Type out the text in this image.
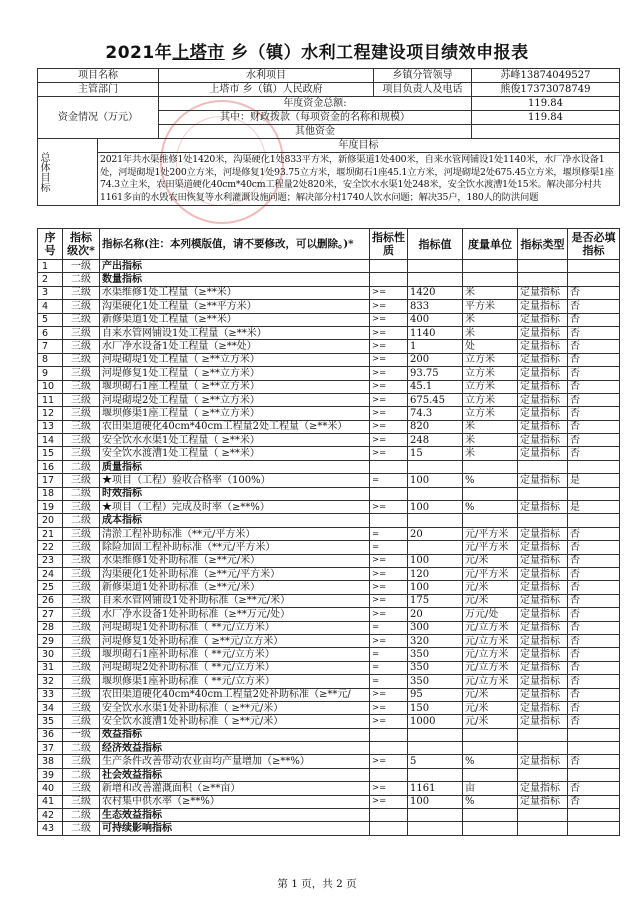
2021年上塔市 乡（镇）水利工程建设项目绩效申报表
项目名称		水利项目	乡镇分管领导	苏峰13874049527
主管部门		上塔市 乡（镇）人民政府	项目负责人及电话	熊俊17373078749
资金情况（万元）		年度资金总额:		119.84
		其中：财政拨款（每项资金的名称和规模）		119.84
		其他资金		

总体目标	年度目标
2021年共水渠维修1处1420米，沟渠硬化1处833平方米，新修渠道1处400米，自来水管网铺设1处1140米，水厂净水设备1处，河堤砌堤1处200立方米，河堤修复1处93.75立方米，堰坝砌石1座45.1立方米，河堤砌堤2处675.45立方米，堰坝修渠1座74.3立主米，农田渠道硬化40cm*40cm工程量2处820米，安全饮水水渠1处248米，安全饮水渡漕1处15米。解决部分村共1161多亩的水毁农田恢复等水利灌溉设施问题；解决部分村1740人饮水问题；解决35户，180人的防洪问题			
序号	指标级次*	指标名称(注：本列模版值，请不要修改，可以删除。)*	指标性质	指标值	度量单位	指标类型	是否必填指标
1	一级	产出指标					
2	二级	数量指标					
3	三级	水渠维修1处工程量（≥**米）	>=	1420	米	定量指标	否
4	三级	沟渠硬化1处工程量（≥**平方米）	>=	833	平方米	定量指标	否
5	三级	新修渠道1处工程量（≥**米）	>=	400	米	定量指标	否
6	三级	自来水管网铺设1处工程量（≥**米）	>=	1140	米	定量指标	否
7	三级	水厂净水设备1处工程量（≥**处）	>=	1	处	定量指标	否
8	三级	河堤砌堤1处工程量（ ≥**立方米）	>=	200	立方米	定量指标	否
9	三级	河堤修复1处工程量（ ≥**立方米）	>=	93.75	立方米	定量指标	否
10	三级	堰坝砌石1座工程量（ ≥**立方米）	>=	45.1	立方米	定量指标	否
11	三级	河堤砌堤2处工程量（ ≥**立方米）	>=	675.45	立方米	定量指标	否
12	三级	堰坝修渠1座工程量（ ≥**立方米）	>=	74.3	立方米	定量指标	否
13	三级	农田渠道硬化40cm*40cm工程量2处工程量（≥**米）	>=	820	米	定量指标	否
14	三级	安全饮水水渠1处工程量（ ≥**米）	>=	248	米	定量指标	否
15	三级	安全饮水渡漕1处工程量（ ≥**米）	>=	15	米	定量指标	否
16	二级	质量指标					
17	三级	★项目（工程）验收合格率（100%）	=	100	%	定量指标	是
18	二级	时效指标					
19	三级	★项目（工程）完成及时率（≥**%）	>=	100	%	定量指标	是
20	二级	成本指标					
21	三级	清淤工程补助标准（**元/平方米）	=	20	元/平方米	定量指标	否
22	三级	除险加固工程补助标准（**元/平方米）	=		元/平方米	定量指标	否
23	三级	水渠维修1处补助标准（≥**元/米）	>=	100	元/米	定量指标	否
24	三级	沟渠硬化1处补助标准（≥**元/平方米）	>=	120	元/平方米	定量指标	否
25	三级	新修渠道1处补助标准（≥**元/米）	>=	100	元/米	定量指标	否
26	三级	自来水管网铺设1处补助标准（≥**元/米）	>=	175	元/米	定量指标	否
27	三级	水厂净水设备1处补助标准（≥**万元/处）	>=	20	万元/处	定量指标	否
28	三级	河堤砌堤1处补助标准（ **元/立方米）	=	300	元/立方米	定量指标	否
29	三级	河堤修复1处补助标准（ ≥**元/立方米）	>=	320	元/立方米	定量指标	否
30	三级	堰坝砌石1座补助标准（ **元/立方米）	=	350	元/立方米	定量指标	否
31	三级	河堤砌堤2处补助标准（ **元/立方米）	=	350	元/立方米	定量指标	否
32	三级	堰坝修渠1座补助标准（ **元/立方米）	=	350	元/立方米	定量指标	否
33	三级	农田渠道硬化40cm*40cm工程量2处补助标准（≥**元/	>=	95	元/米	定量指标	否
34	三级	安全饮水水渠1处补助标准（ ≥**元/米）	>=	150	元/米	定量指标	否
35	三级	安全饮水渡漕1处补助标准（ ≥**元/米）	>=	1000	元/米	定量指标	否
36	一级	效益指标					
37	二级	经济效益指标					
38	三级	生产条件改善带动农业亩均产量增加（≥**%）	>=	5	%	定量指标	否
39	二级	社会效益指标					
40	三级	新增和改善灌溉面积（≥**亩）	>=	1161	亩	定量指标	否
41	三级	农村集中供水率（≥**%）	>=	100	%	定量指标	否
42	二级	生态效益指标					
43	二级	可持续影响指标					
第 1 页，共 2 页
